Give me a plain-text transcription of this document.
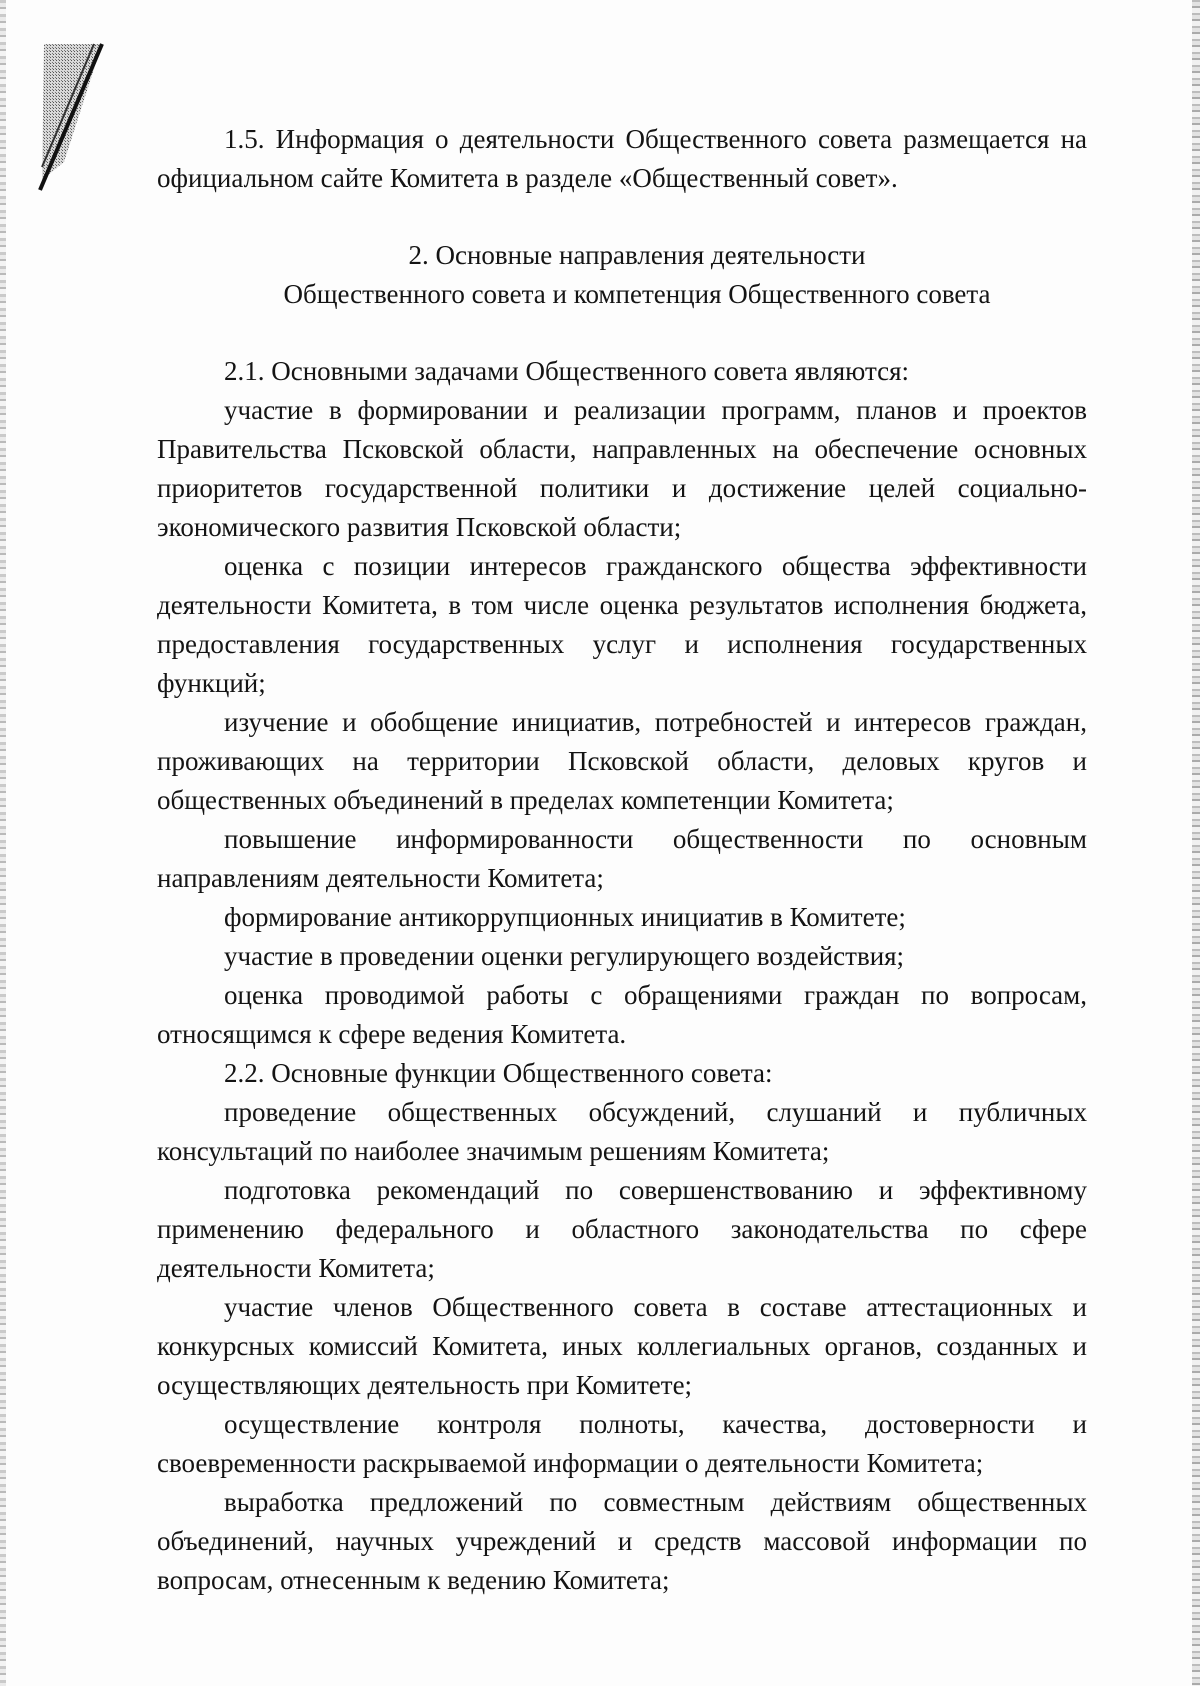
1.5. Информация о деятельности Общественного совета размещается на официальном сайте Комитета в разделе «Общественный совет».

2. Основные направления деятельности

Общественного совета и компетенция Общественного совета

2.1. Основными задачами Общественного совета являются:

участие в формировании и реализации программ, планов и проектов Правительства Псковской области, направленных на обеспечение основных приоритетов государственной политики и достижение целей социально-экономического развития Псковской области;

оценка с позиции интересов гражданского общества эффективности деятельности Комитета, в том числе оценка результатов исполнения бюджета, предоставления государственных услуг и исполнения государственных функций;

изучение и обобщение инициатив, потребностей и интересов граждан, проживающих на территории Псковской области, деловых кругов и общественных объединений в пределах компетенции Комитета;

повышение информированности общественности по основным направлениям деятельности Комитета;

формирование антикоррупционных инициатив в Комитете;

участие в проведении оценки регулирующего воздействия;

оценка проводимой работы с обращениями граждан по вопросам, относящимся к сфере ведения Комитета.

2.2. Основные функции Общественного совета:

проведение общественных обсуждений, слушаний и публичных консультаций по наиболее значимым решениям Комитета;

подготовка рекомендаций по совершенствованию и эффективному применению федерального и областного законодательства по сфере деятельности Комитета;

участие членов Общественного совета в составе аттестационных и конкурсных комиссий Комитета, иных коллегиальных органов, созданных и осуществляющих деятельность при Комитете;

осуществление контроля полноты, качества, достоверности и своевременности раскрываемой информации о деятельности Комитета;

выработка предложений по совместным действиям общественных объединений, научных учреждений и средств массовой информации по вопросам, отнесенным к ведению Комитета;
